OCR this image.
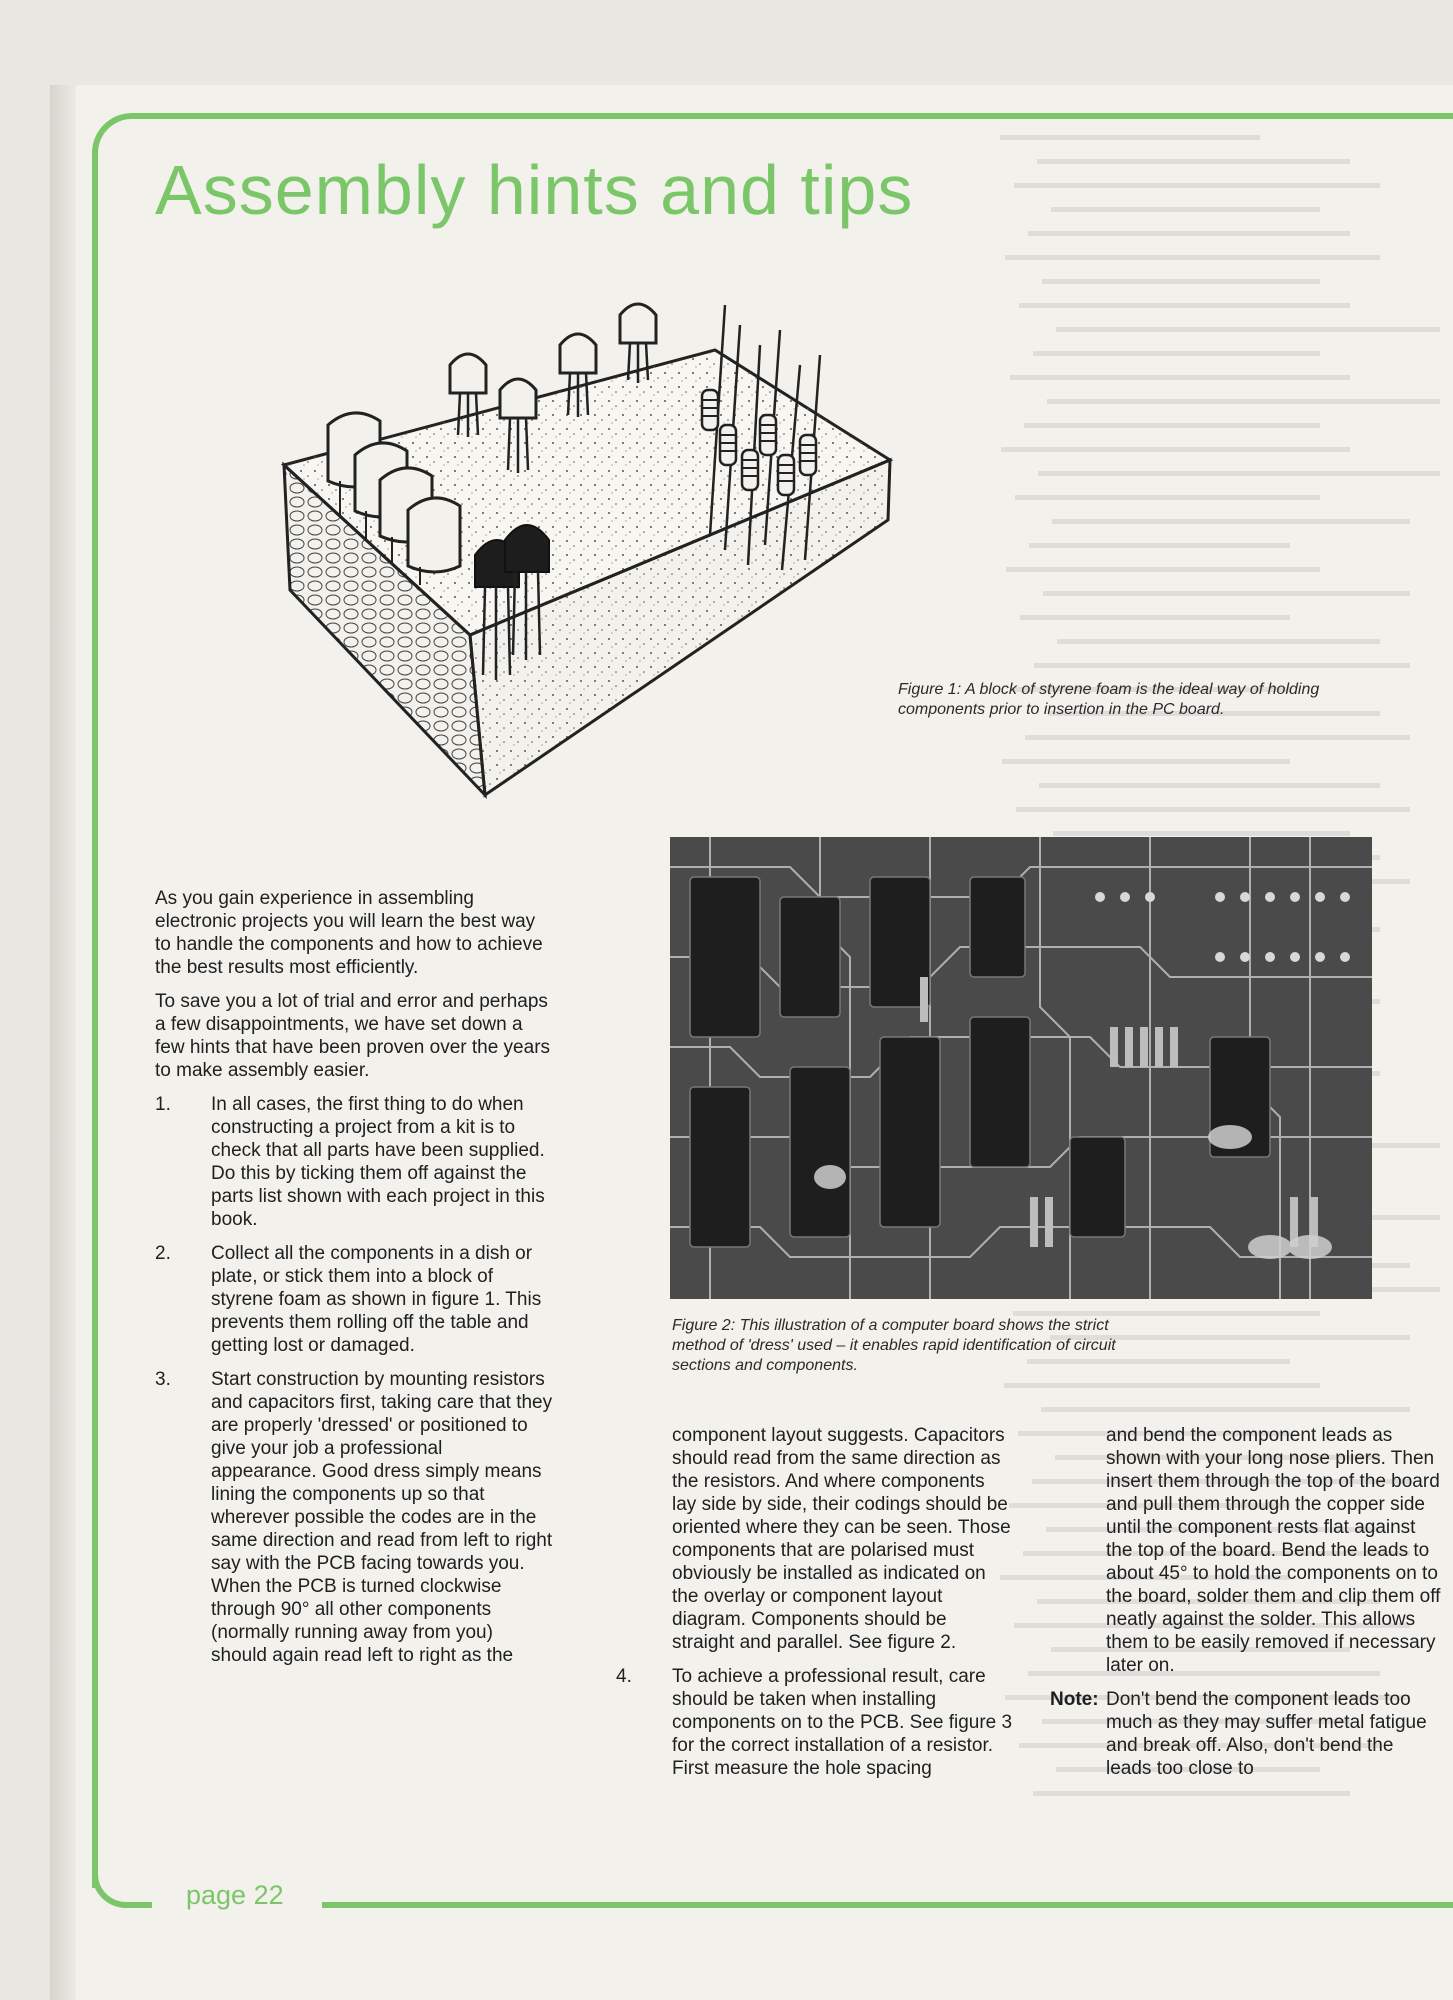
Assembly hints and tips
Figure 1: A block of styrene foam is the ideal way of holding components prior to insertion in the PC board.
Figure 2: This illustration of a computer board shows the strict method of 'dress' used – it enables rapid identification of circuit sections and components.

As you gain experience in assembling electronic projects you will learn the best way to handle the components and how to achieve the best results most efficiently.

To save you a lot of trial and error and perhaps a few disappointments, we have set down a few hints that have been proven over the years to make assembly easier.

1.	In all cases, the first thing to do when constructing a project from a kit is to check that all parts have been supplied. Do this by ticking them off against the parts list shown with each project in this book.
2.	Collect all the components in a dish or plate, or stick them into a block of styrene foam as shown in figure 1. This prevents them rolling off the table and getting lost or damaged.
3.	Start construction by mounting resistors and capacitors first, taking care that they are properly 'dressed' or positioned to give your job a professional appearance. Good dress simply means lining the components up so that wherever possible the codes are in the same direction and read from left to right say with the PCB facing towards you. When the PCB is turned clockwise through 90° all other components (normally running away from you) should again read left to right as the
component layout suggests. Capacitors should read from the same direction as the resistors. And where components lay side by side, their codings should be oriented where they can be seen. Those components that are polarised must obviously be installed as indicated on the overlay or component layout diagram. Components should be straight and parallel. See figure 2.
4.	To achieve a professional result, care should be taken when installing components on to the PCB. See figure 3 for the correct installation of a resistor.
First measure the hole spacing
and bend the component leads as shown with your long nose pliers. Then insert them through the top of the board and pull them through the copper side until the component rests flat against the top of the board. Bend the leads to about 45° to hold the components on to the board, solder them and clip them off neatly against the solder. This allows them to be easily removed if necessary later on.
Note: Don't bend the component leads too much as they may suffer metal fatigue and break off. Also, don't bend the leads too close to
page 22
